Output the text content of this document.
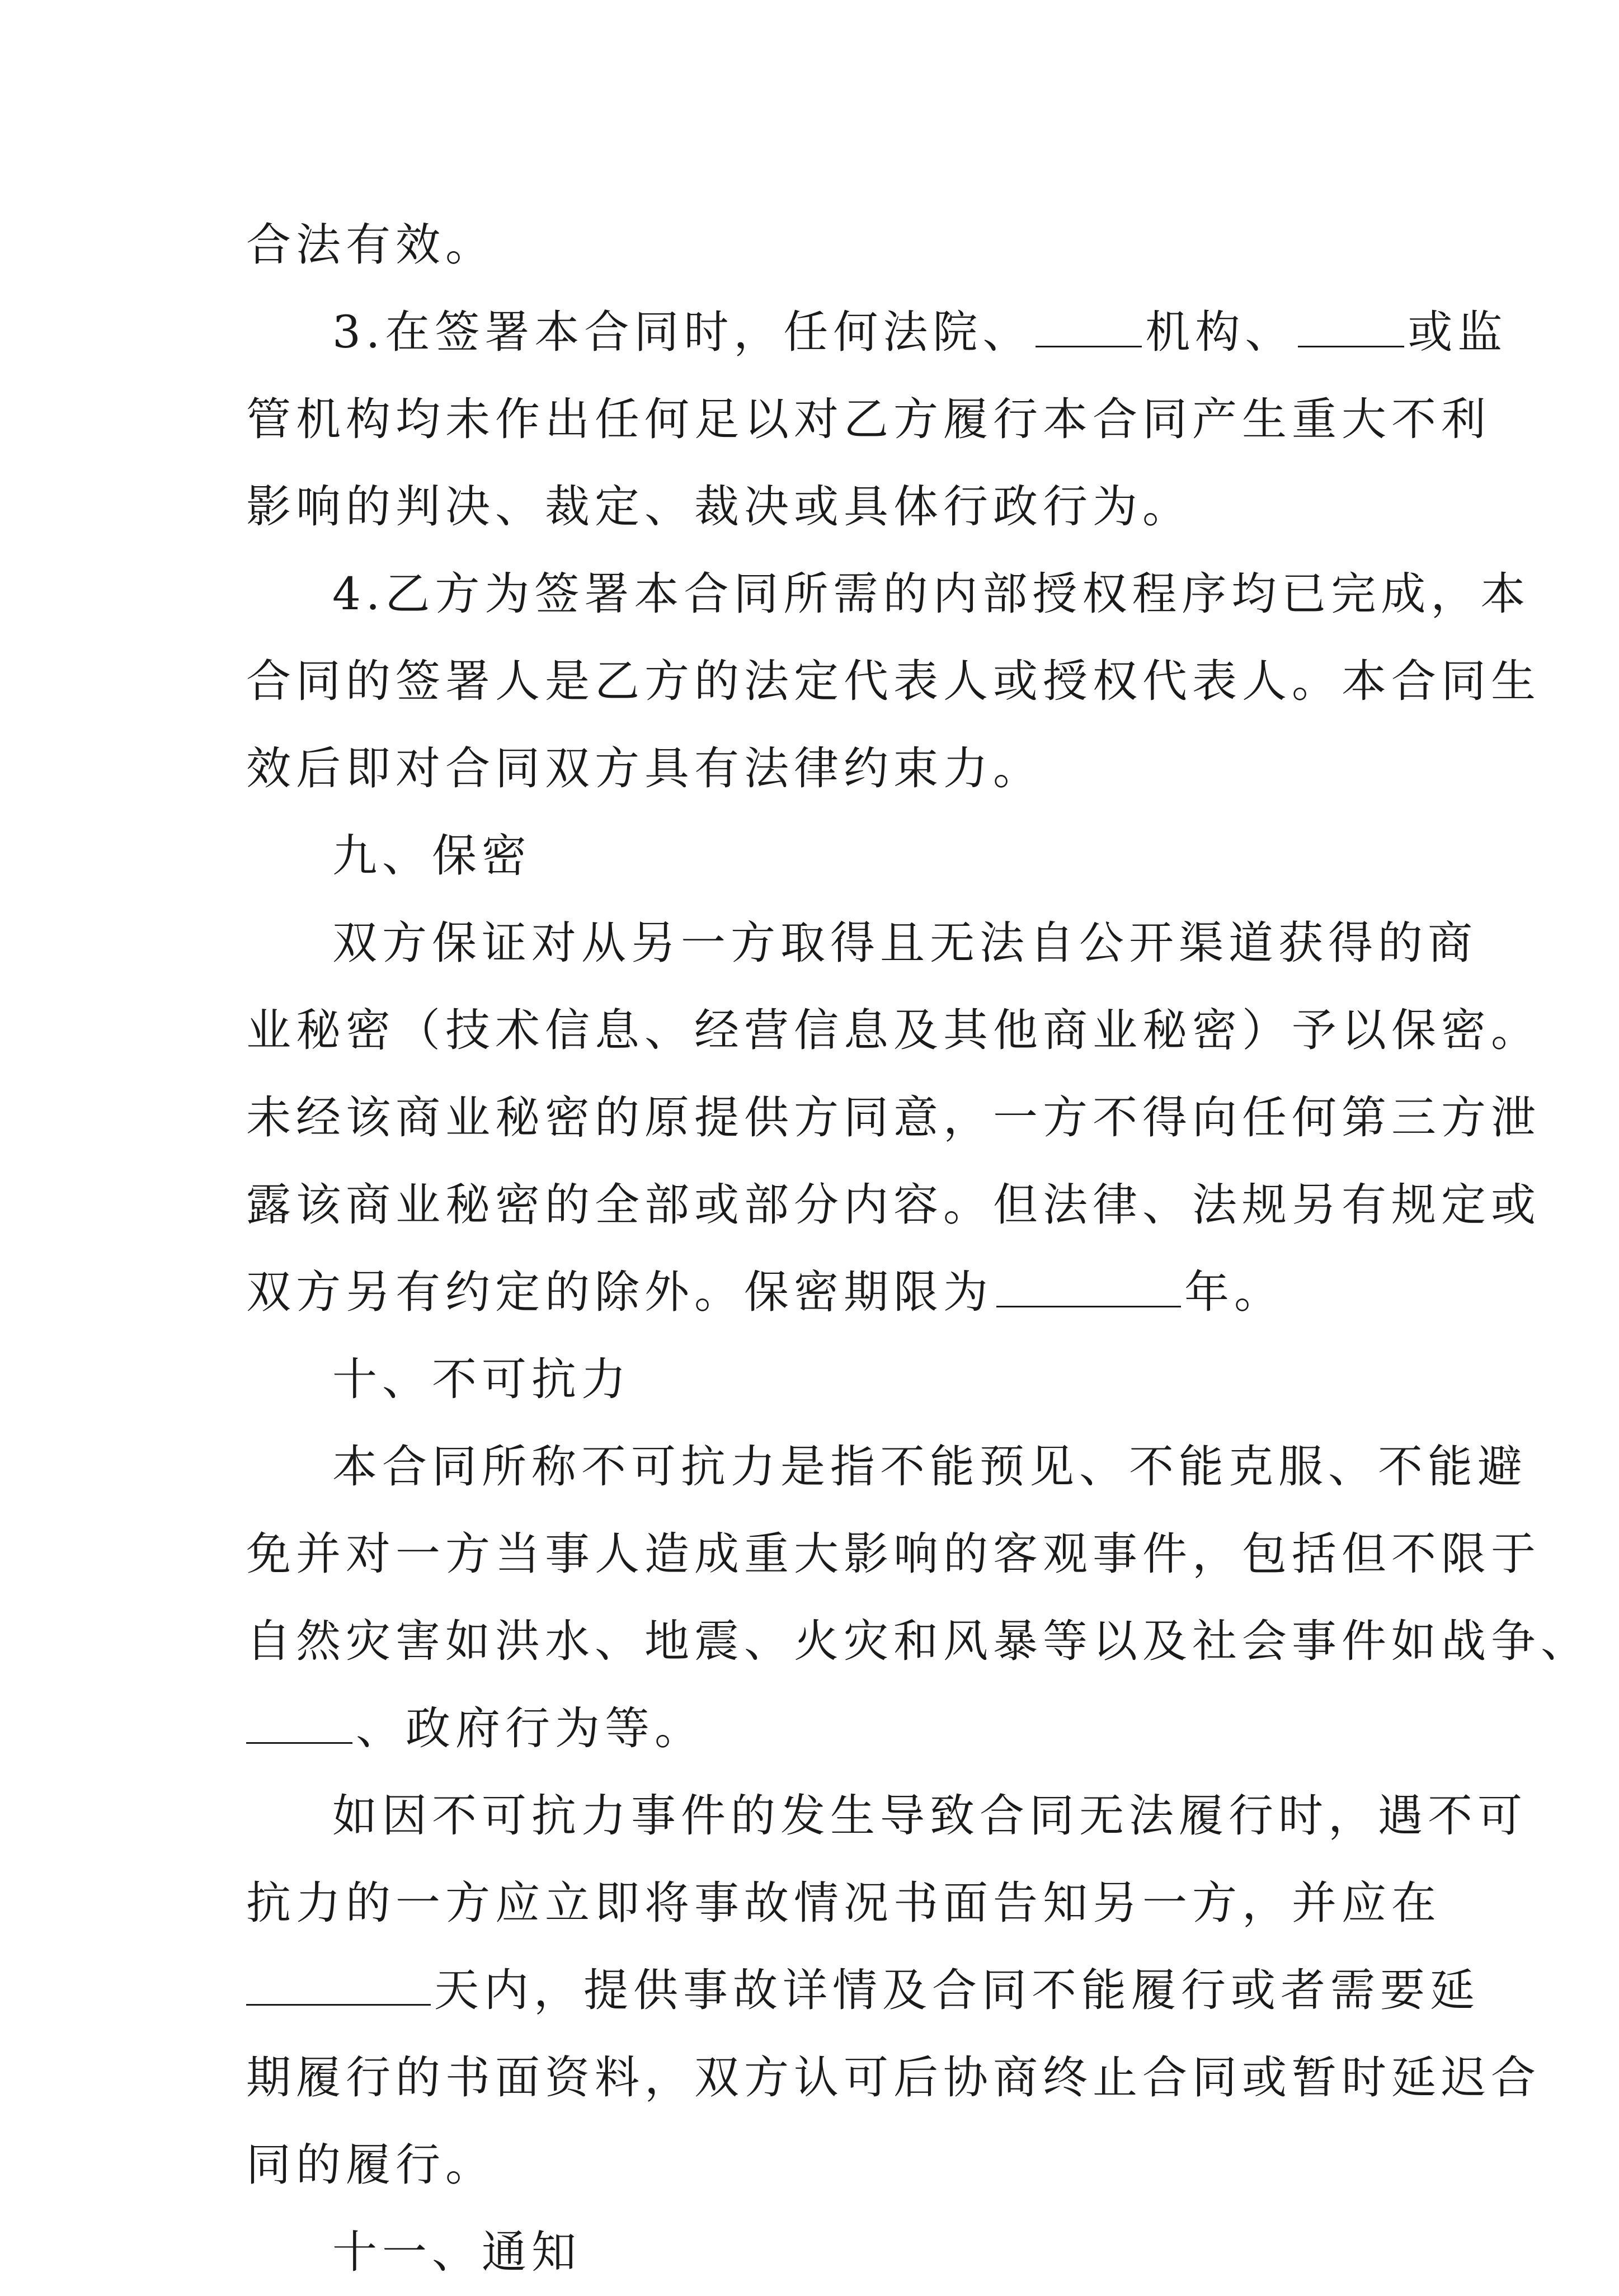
合法有效。
3.在签署本合同时，任何法院、	机构、	或监
管机构均未作出任何足以对乙方履行本合同产生重大不利
影响的判决、裁定、裁决或具体行政行为。
4.乙方为签署本合同所需的内部授权程序均已完成，本
合同的签署人是乙方的法定代表人或授权代表人。本合同生
效后即对合同双方具有法律约束力。
九、保密
双方保证对从另一方取得且无法自公开渠道获得的商
业秘密（技术信息、经营信息及其他商业秘密）予以保密。
未经该商业秘密的原提供方同意，一方不得向任何第三方泄
露该商业秘密的全部或部分内容。但法律、法规另有规定或
双方另有约定的除外。保密期限为	年。
十、不可抗力
本合同所称不可抗力是指不能预见、不能克服、不能避
免并对一方当事人造成重大影响的客观事件，包括但不限于
自然灾害如洪水、地震、火灾和风暴等以及社会事件如战争、
、政府行为等。
如因不可抗力事件的发生导致合同无法履行时，遇不可
抗力的一方应立即将事故情况书面告知另一方，并应在
天内，提供事故详情及合同不能履行或者需要延
期履行的书面资料，双方认可后协商终止合同或暂时延迟合
同的履行。
十一、通知
